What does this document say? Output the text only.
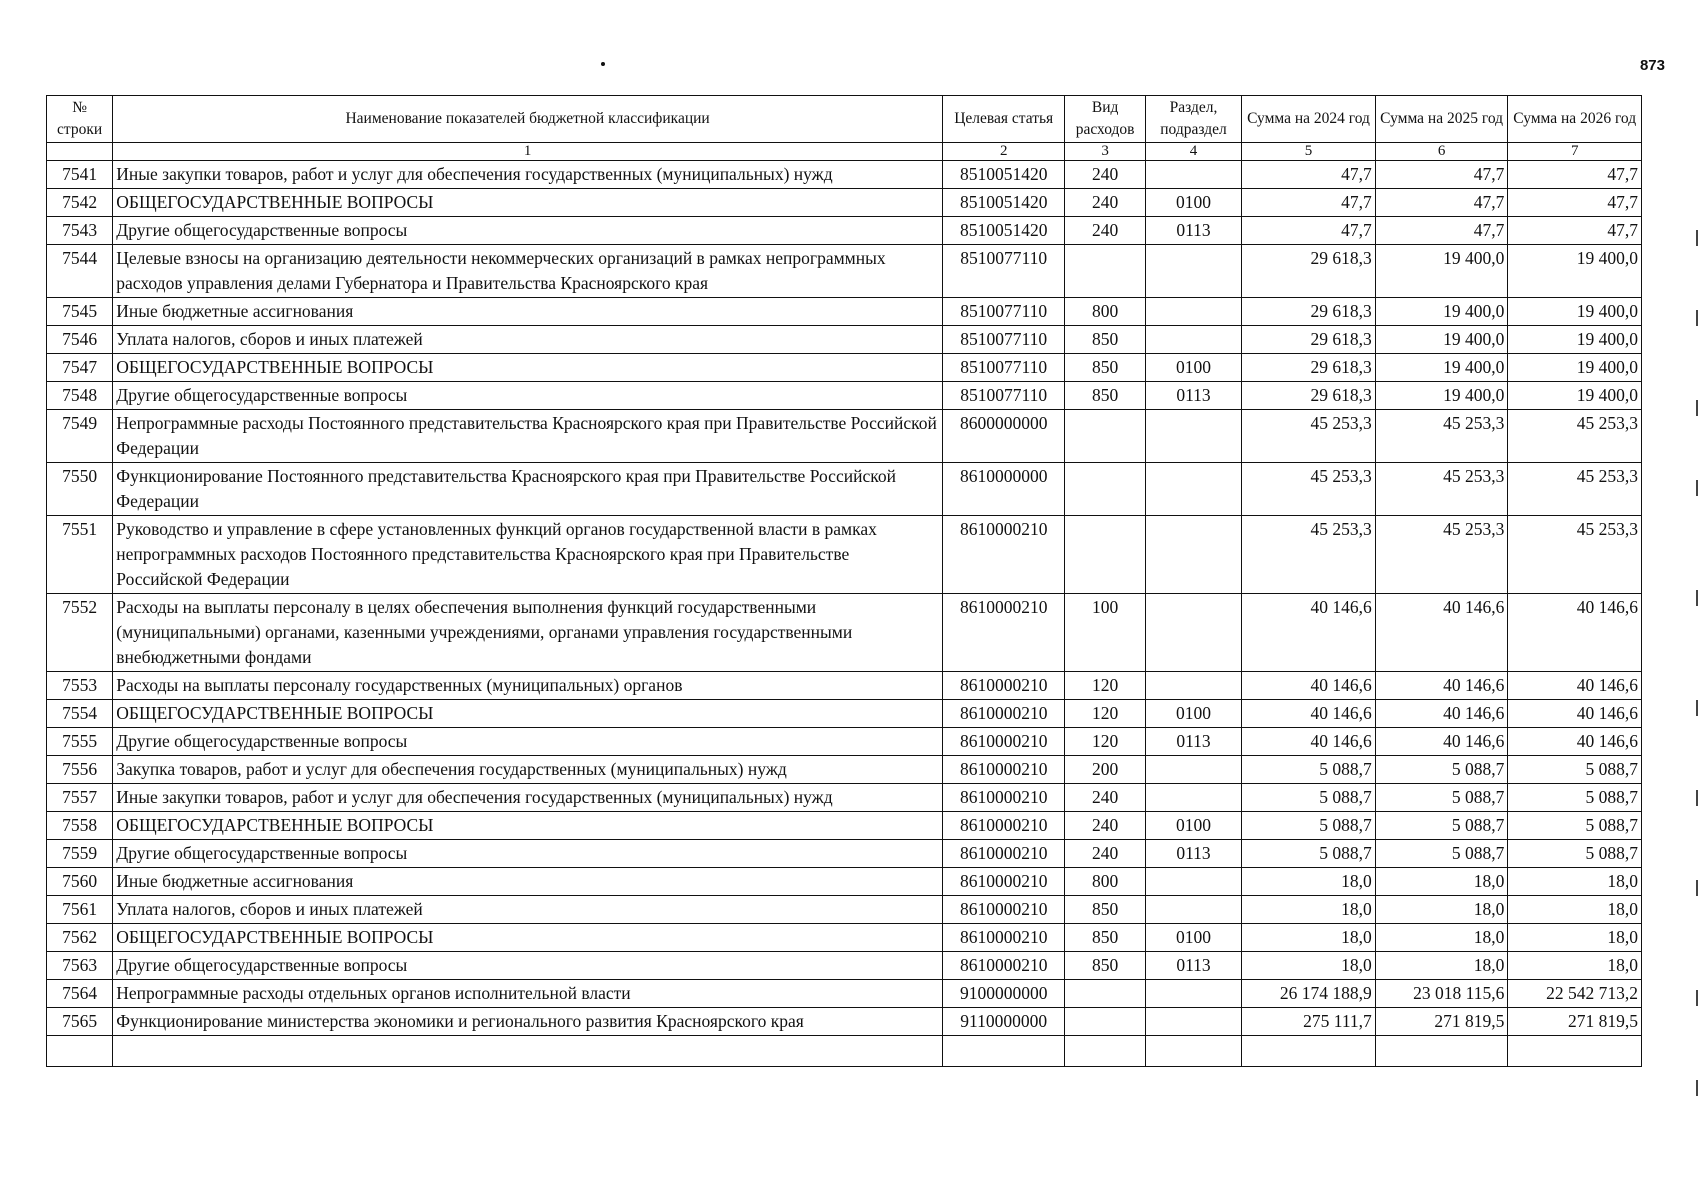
873
№ строки	Наименование показателей бюджетной классификации	Целевая статья	Вид расходов	Раздел, подраздел	Сумма на 2024 год	Сумма на 2025 год	Сумма на 2026 год
	1	2	3	4	5	6	7
7541	Иные закупки товаров, работ и услуг для обеспечения государственных (муниципальных) нужд	8510051420	240		47,7	47,7	47,7
7542	ОБЩЕГОСУДАРСТВЕННЫЕ ВОПРОСЫ	8510051420	240	0100	47,7	47,7	47,7
7543	Другие общегосударственные вопросы	8510051420	240	0113	47,7	47,7	47,7
7544	Целевые взносы на организацию деятельности некоммерческих организаций в рамках непрограммных расходов управления делами Губернатора и Правительства Красноярского края	8510077110			29 618,3	19 400,0	19 400,0
7545	Иные бюджетные ассигнования	8510077110	800		29 618,3	19 400,0	19 400,0
7546	Уплата налогов, сборов и иных платежей	8510077110	850		29 618,3	19 400,0	19 400,0
7547	ОБЩЕГОСУДАРСТВЕННЫЕ ВОПРОСЫ	8510077110	850	0100	29 618,3	19 400,0	19 400,0
7548	Другие общегосударственные вопросы	8510077110	850	0113	29 618,3	19 400,0	19 400,0
7549	Непрограммные расходы Постоянного представительства Красноярского края при Правительстве Российской Федерации	8600000000			45 253,3	45 253,3	45 253,3
7550	Функционирование Постоянного представительства Красноярского края при Правительстве Российской Федерации	8610000000			45 253,3	45 253,3	45 253,3
7551	Руководство и управление в сфере установленных функций органов государственной власти в рамках непрограммных расходов Постоянного представительства Красноярского края при Правительстве Российской Федерации	8610000210			45 253,3	45 253,3	45 253,3
7552	Расходы на выплаты персоналу в целях обеспечения выполнения функций государственными (муниципальными) органами, казенными учреждениями, органами управления государственными внебюджетными фондами	8610000210	100		40 146,6	40 146,6	40 146,6
7553	Расходы на выплаты персоналу государственных (муниципальных) органов	8610000210	120		40 146,6	40 146,6	40 146,6
7554	ОБЩЕГОСУДАРСТВЕННЫЕ ВОПРОСЫ	8610000210	120	0100	40 146,6	40 146,6	40 146,6
7555	Другие общегосударственные вопросы	8610000210	120	0113	40 146,6	40 146,6	40 146,6
7556	Закупка товаров, работ и услуг для обеспечения государственных (муниципальных) нужд	8610000210	200		5 088,7	5 088,7	5 088,7
7557	Иные закупки товаров, работ и услуг для обеспечения государственных (муниципальных) нужд	8610000210	240		5 088,7	5 088,7	5 088,7
7558	ОБЩЕГОСУДАРСТВЕННЫЕ ВОПРОСЫ	8610000210	240	0100	5 088,7	5 088,7	5 088,7
7559	Другие общегосударственные вопросы	8610000210	240	0113	5 088,7	5 088,7	5 088,7
7560	Иные бюджетные ассигнования	8610000210	800		18,0	18,0	18,0
7561	Уплата налогов, сборов и иных платежей	8610000210	850		18,0	18,0	18,0
7562	ОБЩЕГОСУДАРСТВЕННЫЕ ВОПРОСЫ	8610000210	850	0100	18,0	18,0	18,0
7563	Другие общегосударственные вопросы	8610000210	850	0113	18,0	18,0	18,0
7564	Непрограммные расходы отдельных органов исполнительной власти	9100000000			26 174 188,9	23 018 115,6	22 542 713,2
7565	Функционирование министерства экономики и регионального развития Красноярского края	9110000000			275 111,7	271 819,5	271 819,5
